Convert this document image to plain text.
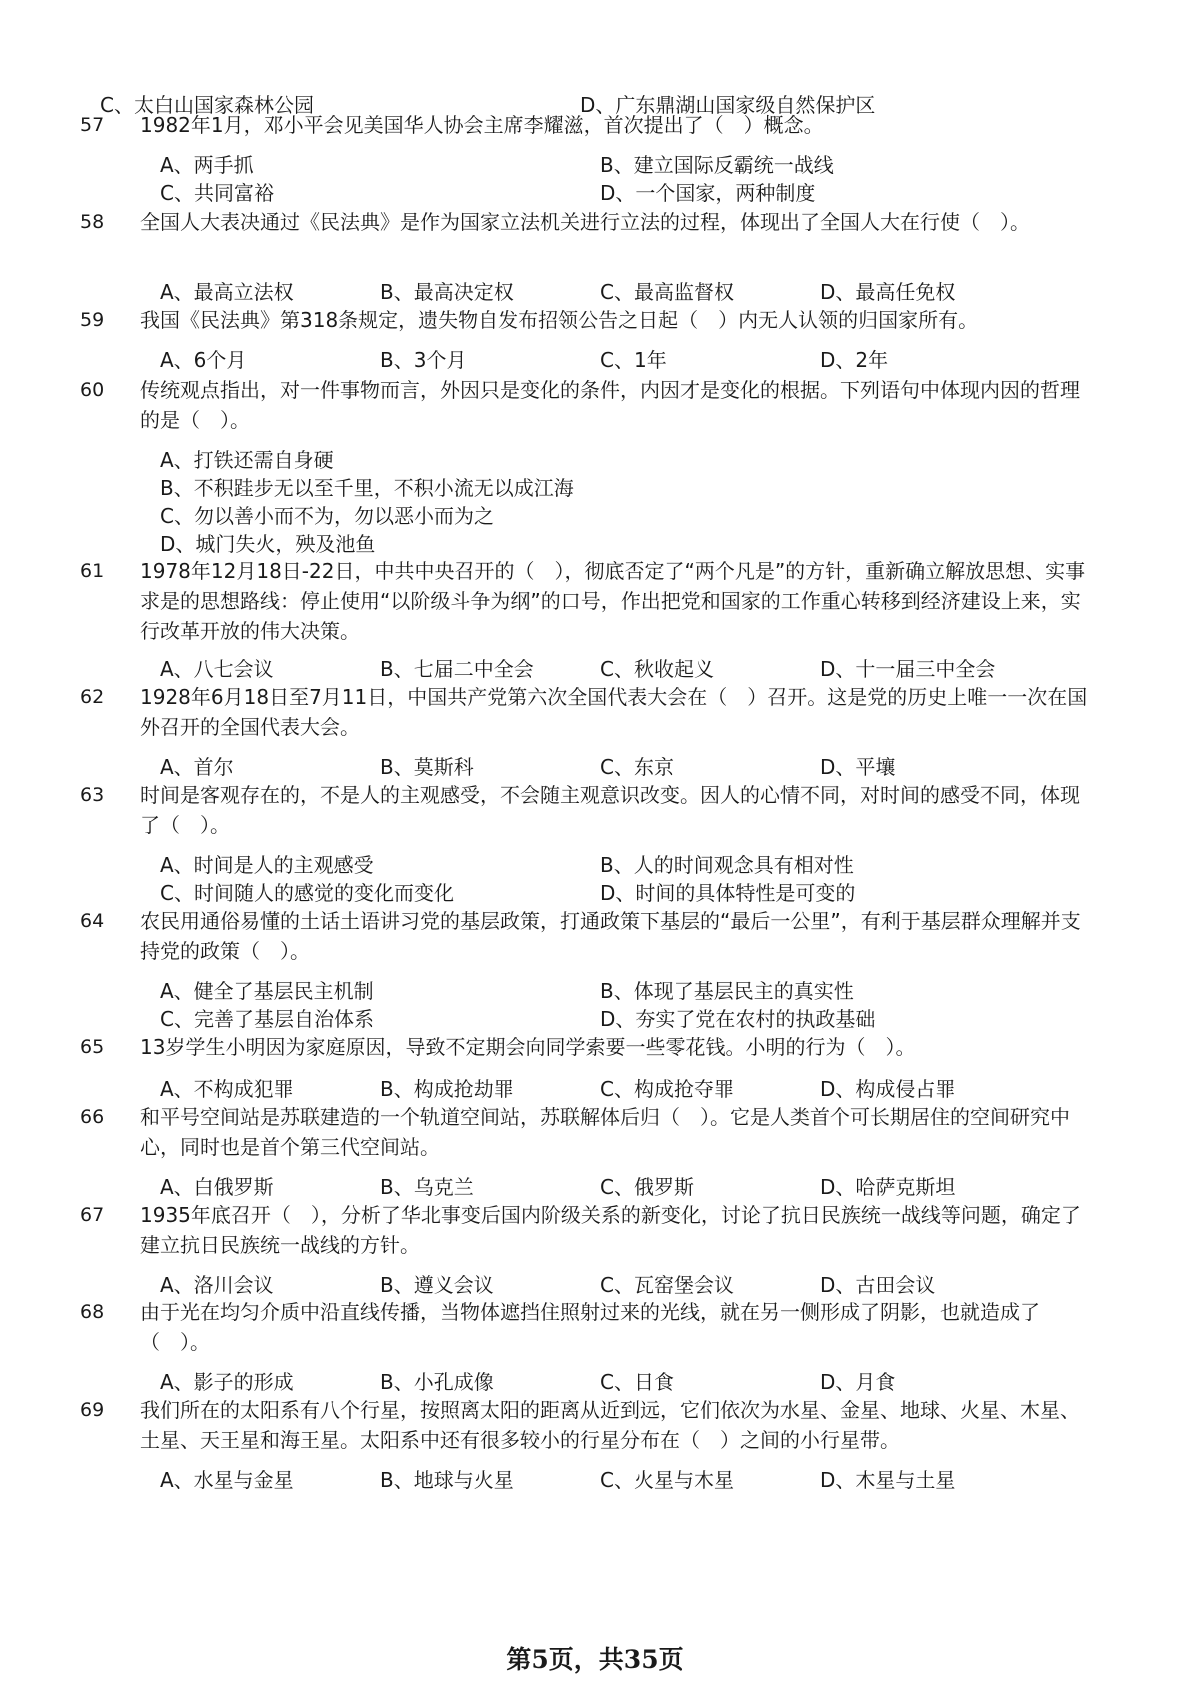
C、太白山国家森林公园	D、广东鼎湖山国家级自然保护区
57	1982年1月，邓小平会见美国华人协会主席李耀滋，首次提出了（　）概念。
A、两手抓	B、建立国际反霸统一战线
C、共同富裕	D、一个国家，两种制度
58	全国人大表决通过《民法典》是作为国家立法机关进行立法的过程，体现出了全国人大在行使（　）。
A、最高立法权	B、最高决定权	C、最高监督权	D、最高任免权
59	我国《民法典》第318条规定，遗失物自发布招领公告之日起（　）内无人认领的归国家所有。
A、6个月	B、3个月	C、1年	D、2年
60	传统观点指出，对一件事物而言，外因只是变化的条件，内因才是变化的根据。下列语句中体现内因的哲理的是（　）。
A、打铁还需自身硬
B、不积跬步无以至千里，不积小流无以成江海
C、勿以善小而不为，勿以恶小而为之
D、城门失火，殃及池鱼
61	1978年12月18日-22日，中共中央召开的（　），彻底否定了“两个凡是”的方针，重新确立解放思想、实事求是的思想路线：停止使用“以阶级斗争为纲”的口号，作出把党和国家的工作重心转移到经济建设上来，实行改革开放的伟大决策。
A、八七会议	B、七届二中全会	C、秋收起义	D、十一届三中全会
62	1928年6月18日至7月11日，中国共产党第六次全国代表大会在（　）召开。这是党的历史上唯一一次在国外召开的全国代表大会。
A、首尔	B、莫斯科	C、东京	D、平壤
63	时间是客观存在的，不是人的主观感受，不会随主观意识改变。因人的心情不同，对时间的感受不同，体现了（　）。
A、时间是人的主观感受	B、人的时间观念具有相对性
C、时间随人的感觉的变化而变化	D、时间的具体特性是可变的
64	农民用通俗易懂的土话土语讲习党的基层政策，打通政策下基层的“最后一公里”，有利于基层群众理解并支持党的政策（　）。
A、健全了基层民主机制	B、体现了基层民主的真实性
C、完善了基层自治体系	D、夯实了党在农村的执政基础
65	13岁学生小明因为家庭原因，导致不定期会向同学索要一些零花钱。小明的行为（　）。
A、不构成犯罪	B、构成抢劫罪	C、构成抢夺罪	D、构成侵占罪
66	和平号空间站是苏联建造的一个轨道空间站，苏联解体后归（　）。它是人类首个可长期居住的空间研究中心，同时也是首个第三代空间站。
A、白俄罗斯	B、乌克兰	C、俄罗斯	D、哈萨克斯坦
67	1935年底召开（　），分析了华北事变后国内阶级关系的新变化，讨论了抗日民族统一战线等问题，确定了建立抗日民族统一战线的方针。
A、洛川会议	B、遵义会议	C、瓦窑堡会议	D、古田会议
68	由于光在均匀介质中沿直线传播，当物体遮挡住照射过来的光线，就在另一侧形成了阴影，也就造成了（　）。
A、影子的形成	B、小孔成像	C、日食	D、月食
69	我们所在的太阳系有八个行星，按照离太阳的距离从近到远，它们依次为水星、金星、地球、火星、木星、土星、天王星和海王星。太阳系中还有很多较小的行星分布在（　）之间的小行星带。
A、水星与金星	B、地球与火星	C、火星与木星	D、木星与土星
第5页，共35页
